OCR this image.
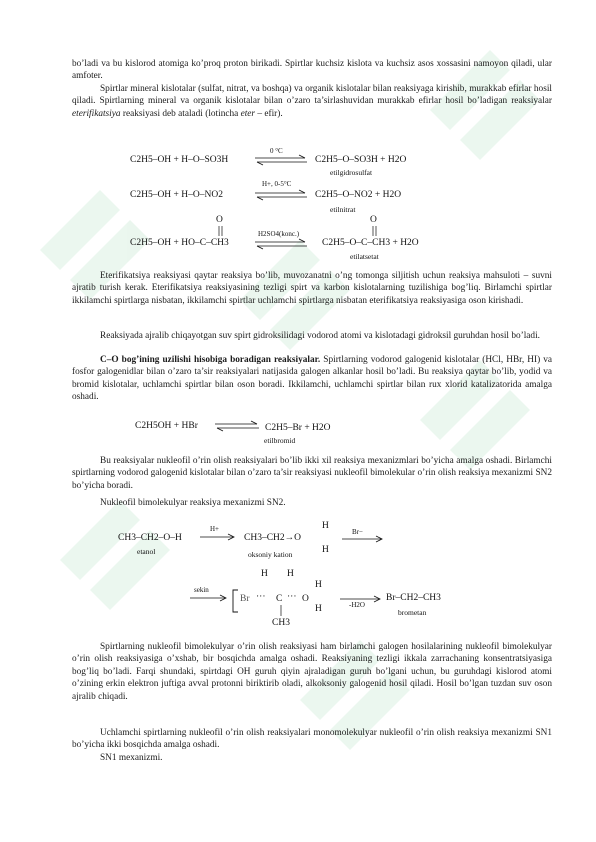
bo’ladi va bu kislorod atomiga ko’proq proton birikadi. Spirtlar kuchsiz kislota va kuchsiz asos xossasini namoyon qiladi, ular amfoter.
Spirtlar mineral kislotalar (sulfat, nitrat, va boshqa) va organik kislotalar bilan reaksiyaga kirishib, murakkab efirlar hosil qiladi. Spirtlarning mineral va organik kislotalar bilan o’zaro ta’sirlashuvidan murakkab efirlar hosil bo’ladigan reaksiyalar eterifikatsiya reaksiyasi deb ataladi (lotincha eter – efir).
C2H5–OH + H–O–SO3H
0 °C
C2H5–O–SO3H + H2O
etilgidrosulfat
C2H5–OH + H–O–NO2
H+, 0-5°C
C2H5–O–NO2 + H2O
etilnitrat
O
C2H5–OH + HO–C–CH3
H2SO4(konc.)
O
C2H5–O–C–CH3 + H2O
etilatsetat
Eterifikatsiya reaksiyasi qaytar reaksiya bo’lib, muvozanatni o’ng tomonga siljitish uchun reaksiya mahsuloti – suvni ajratib turish kerak. Eterifikatsiya reaksiyasining tezligi spirt va karbon kislotalarning tuzilishiga bog’liq. Birlamchi spirtlar ikkilamchi spirtlarga nisbatan, ikkilamchi spirtlar uchlamchi spirtlarga nisbatan eterifikatsiya reaksiyasiga oson kirishadi.
Reaksiyada ajralib chiqayotgan suv spirt gidroksilidagi vodorod atomi va kislotadagi gidroksil guruhdan hosil bo’ladi.
C–O bog’ining uzilishi hisobiga boradigan reaksiyalar. Spirtlarning vodorod galogenid kislotalar (HCl, HBr, HI) va fosfor galogenidlar bilan o’zaro ta’sir reaksiyalari natijasida galogen alkanlar hosil bo’ladi. Bu reaksiya qaytar bo’lib, yodid va bromid kislotalar, uchlamchi spirtlar bilan oson boradi. Ikkilamchi, uchlamchi spirtlar bilan rux xlorid katalizatorida amalga oshadi.
C2H5OH + HBr	C2H5–Br + H2O
etilbromid
Bu reaksiyalar nukleofil o’rin olish reaksiyalari bo’lib ikki xil reaksiya mexanizmlari bo’yicha amalga oshadi. Birlamchi spirtlarning vodorod galogenid kislotalar bilan o’zaro ta’sir reaksiyasi nukleofil bimolekular o’rin olish reaksiya mexanizmi SN2 bo’yicha boradi.
Nukleofil bimolekulyar reaksiya mexanizmi SN2.
CH3–CH2–O–H
etanol
H+
CH3–CH2→O
H
H
oksoniy kation
Br−
sekin
Br ···
H H
C ··· O
H
H
CH3
-H2O
Br–CH2–CH3
brometan
Spirtlarning nukleofil bimolekulyar o’rin olish reaksiyasi ham birlamchi galogen hosilalarining nukleofil bimolekulyar o’rin olish reaksiyasiga o’xshab, bir bosqichda amalga oshadi. Reaksiyaning tezligi ikkala zarrachaning konsentratsiyasiga bog’liq bo’ladi. Farqi shundaki, spirtdagi OH guruh qiyin ajraladigan guruh bo’lgani uchun, bu guruhdagi kislorod atomi o’zining erkin elektron juftiga avval protonni biriktirib oladi, alkoksoniy galogenid hosil qiladi. Hosil bo’lgan tuzdan suv oson ajralib chiqadi.
Uchlamchi spirtlarning nukleofil o’rin olish reaksiyalari monomolekulyar nukleofil o’rin olish reaksiya mexanizmi SN1 bo’yicha ikki bosqichda amalga oshadi.
SN1 mexanizmi.
